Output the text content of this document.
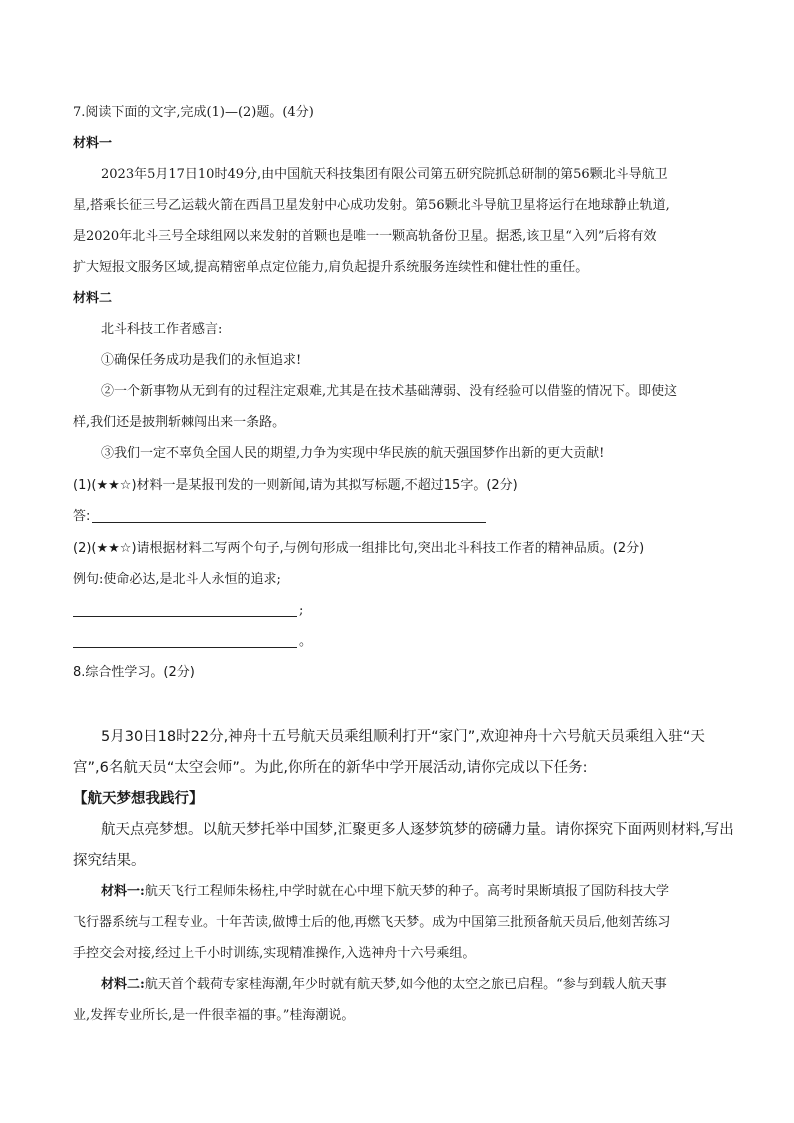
7.阅读下面的文字,完成(1)—(2)题。(4分)
材料一
2023年5月17日10时49分,由中国航天科技集团有限公司第五研究院抓总研制的第56颗北斗导航卫
星,搭乘长征三号乙运载火箭在西昌卫星发射中心成功发射。第56颗北斗导航卫星将运行在地球静止轨道,
是2020年北斗三号全球组网以来发射的首颗也是唯一一颗高轨备份卫星。据悉,该卫星“入列”后将有效
扩大短报文服务区域,提高精密单点定位能力,肩负起提升系统服务连续性和健壮性的重任。
材料二
北斗科技工作者感言:
①确保任务成功是我们的永恒追求!
②一个新事物从无到有的过程注定艰难,尤其是在技术基础薄弱、没有经验可以借鉴的情况下。即使这
样,我们还是披荆斩棘闯出来一条路。
③我们一定不辜负全国人民的期望,力争为实现中华民族的航天强国梦作出新的更大贡献!
(1)(★★☆)材料一是某报刊发的一则新闻,请为其拟写标题,不超过15字。(2分)
答:
(2)(★★☆)请根据材料二写两个句子,与例句形成一组排比句,突出北斗科技工作者的精神品质。(2分)
例句:使命必达,是北斗人永恒的追求;
;
。
8.综合性学习。(2分)
5月30日18时22分,神舟十五号航天员乘组顺利打开“家门”,欢迎神舟十六号航天员乘组入驻“天
宫”,6名航天员“太空会师”。为此,你所在的新华中学开展活动,请你完成以下任务:
【航天梦想我践行】
航天点亮梦想。以航天梦托举中国梦,汇聚更多人逐梦筑梦的磅礴力量。请你探究下面两则材料,写出
探究结果。
材料一:航天飞行工程师朱杨柱,中学时就在心中埋下航天梦的种子。高考时果断填报了国防科技大学
飞行器系统与工程专业。十年苦读,做博士后的他,再燃飞天梦。成为中国第三批预备航天员后,他刻苦练习
手控交会对接,经过上千小时训练,实现精准操作,入选神舟十六号乘组。
材料二:航天首个载荷专家桂海潮,年少时就有航天梦,如今他的太空之旅已启程。“参与到载人航天事
业,发挥专业所长,是一件很幸福的事。”桂海潮说。
